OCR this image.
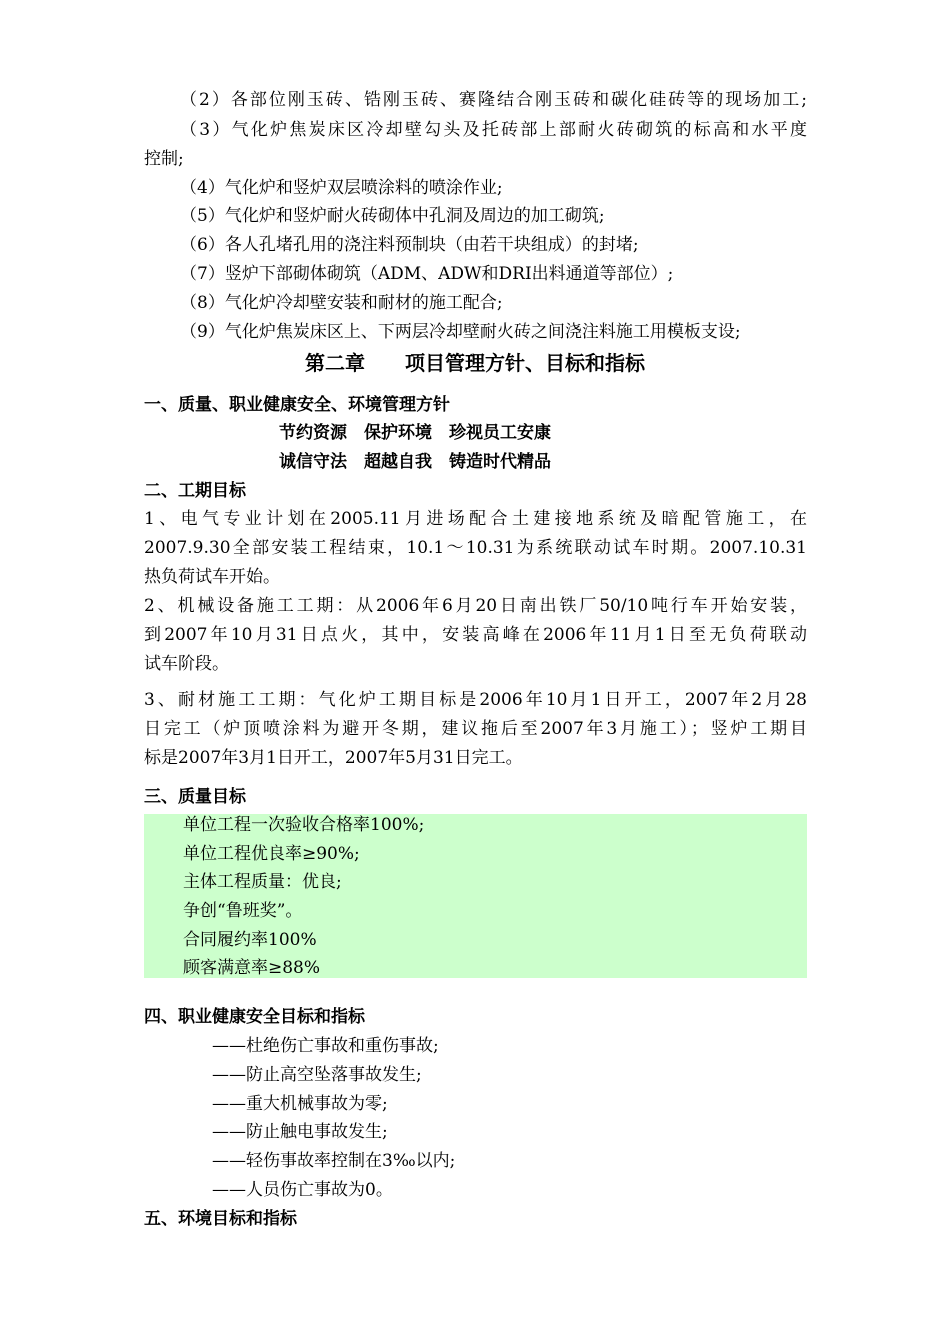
（2）各部位刚玉砖、锆刚玉砖、赛隆结合刚玉砖和碳化硅砖等的现场加工;
（3）气化炉焦炭床区冷却壁勾头及托砖部上部耐火砖砌筑的标高和水平度
控制;
（4）气化炉和竖炉双层喷涂料的喷涂作业;
（5）气化炉和竖炉耐火砖砌体中孔洞及周边的加工砌筑;
（6）各人孔堵孔用的浇注料预制块（由若干块组成）的封堵;
（7）竖炉下部砌体砌筑（ADM、ADW和DRI出料通道等部位）;
（8）气化炉冷却壁安装和耐材的施工配合;
（9）气化炉焦炭床区上、下两层冷却壁耐火砖之间浇注料施工用模板支设;
第二章　　项目管理方针、目标和指标
一、质量、职业健康安全、环境管理方针
节约资源　保护环境　珍视员工安康
诚信守法　超越自我　铸造时代精品
二、工期目标
1、电气专业计划在2005.11月进场配合土建接地系统及暗配管施工，在
2007.9.30全部安装工程结束，10.1～10.31为系统联动试车时期。2007.10.31
热负荷试车开始。
2、机械设备施工工期：从2006年6月20日南出铁厂50/10吨行车开始安装，
到2007年10月31日点火，其中，安装高峰在2006年11月1日至无负荷联动
试车阶段。
3、耐材施工工期：气化炉工期目标是2006年10月1日开工，2007年2月28
日完工（炉顶喷涂料为避开冬期，建议拖后至2007年3月施工）；竖炉工期目
标是2007年3月1日开工，2007年5月31日完工。
三、质量目标
单位工程一次验收合格率100%;
单位工程优良率≥90%;
主体工程质量：优良;
争创“鲁班奖”。
合同履约率100%
顾客满意率≥88%
四、职业健康安全目标和指标
——杜绝伤亡事故和重伤事故;
——防止高空坠落事故发生;
——重大机械事故为零;
——防止触电事故发生;
——轻伤事故率控制在3‰以内;
——人员伤亡事故为0。
五、环境目标和指标
